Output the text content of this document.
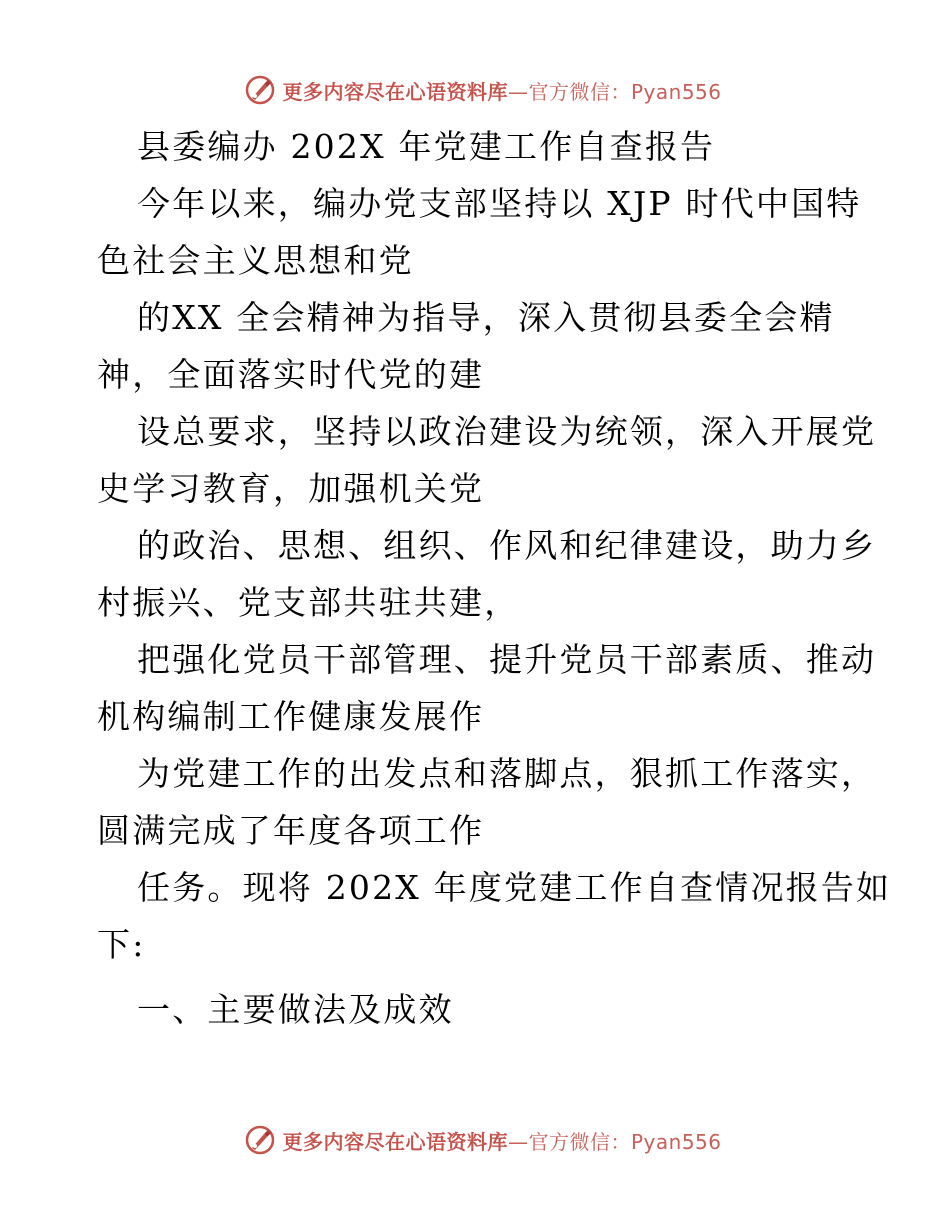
更多内容尽在心语资料库—官方微信：Pyan556
县委编办 202X 年党建工作自查报告
今年以来，编办党支部坚持以 XJP 时代中国特
色社会主义思想和党
的XX 全会精神为指导，深入贯彻县委全会精
神，全面落实时代党的建
设总要求，坚持以政治建设为统领，深入开展党
史学习教育，加强机关党
的政治、思想、组织、作风和纪律建设，助力乡
村振兴、党支部共驻共建，
把强化党员干部管理、提升党员干部素质、推动
机构编制工作健康发展作
为党建工作的出发点和落脚点，狠抓工作落实，
圆满完成了年度各项工作
任务。现将 202X 年度党建工作自查情况报告如
下:
一、主要做法及成效
更多内容尽在心语资料库—官方微信：Pyan556
